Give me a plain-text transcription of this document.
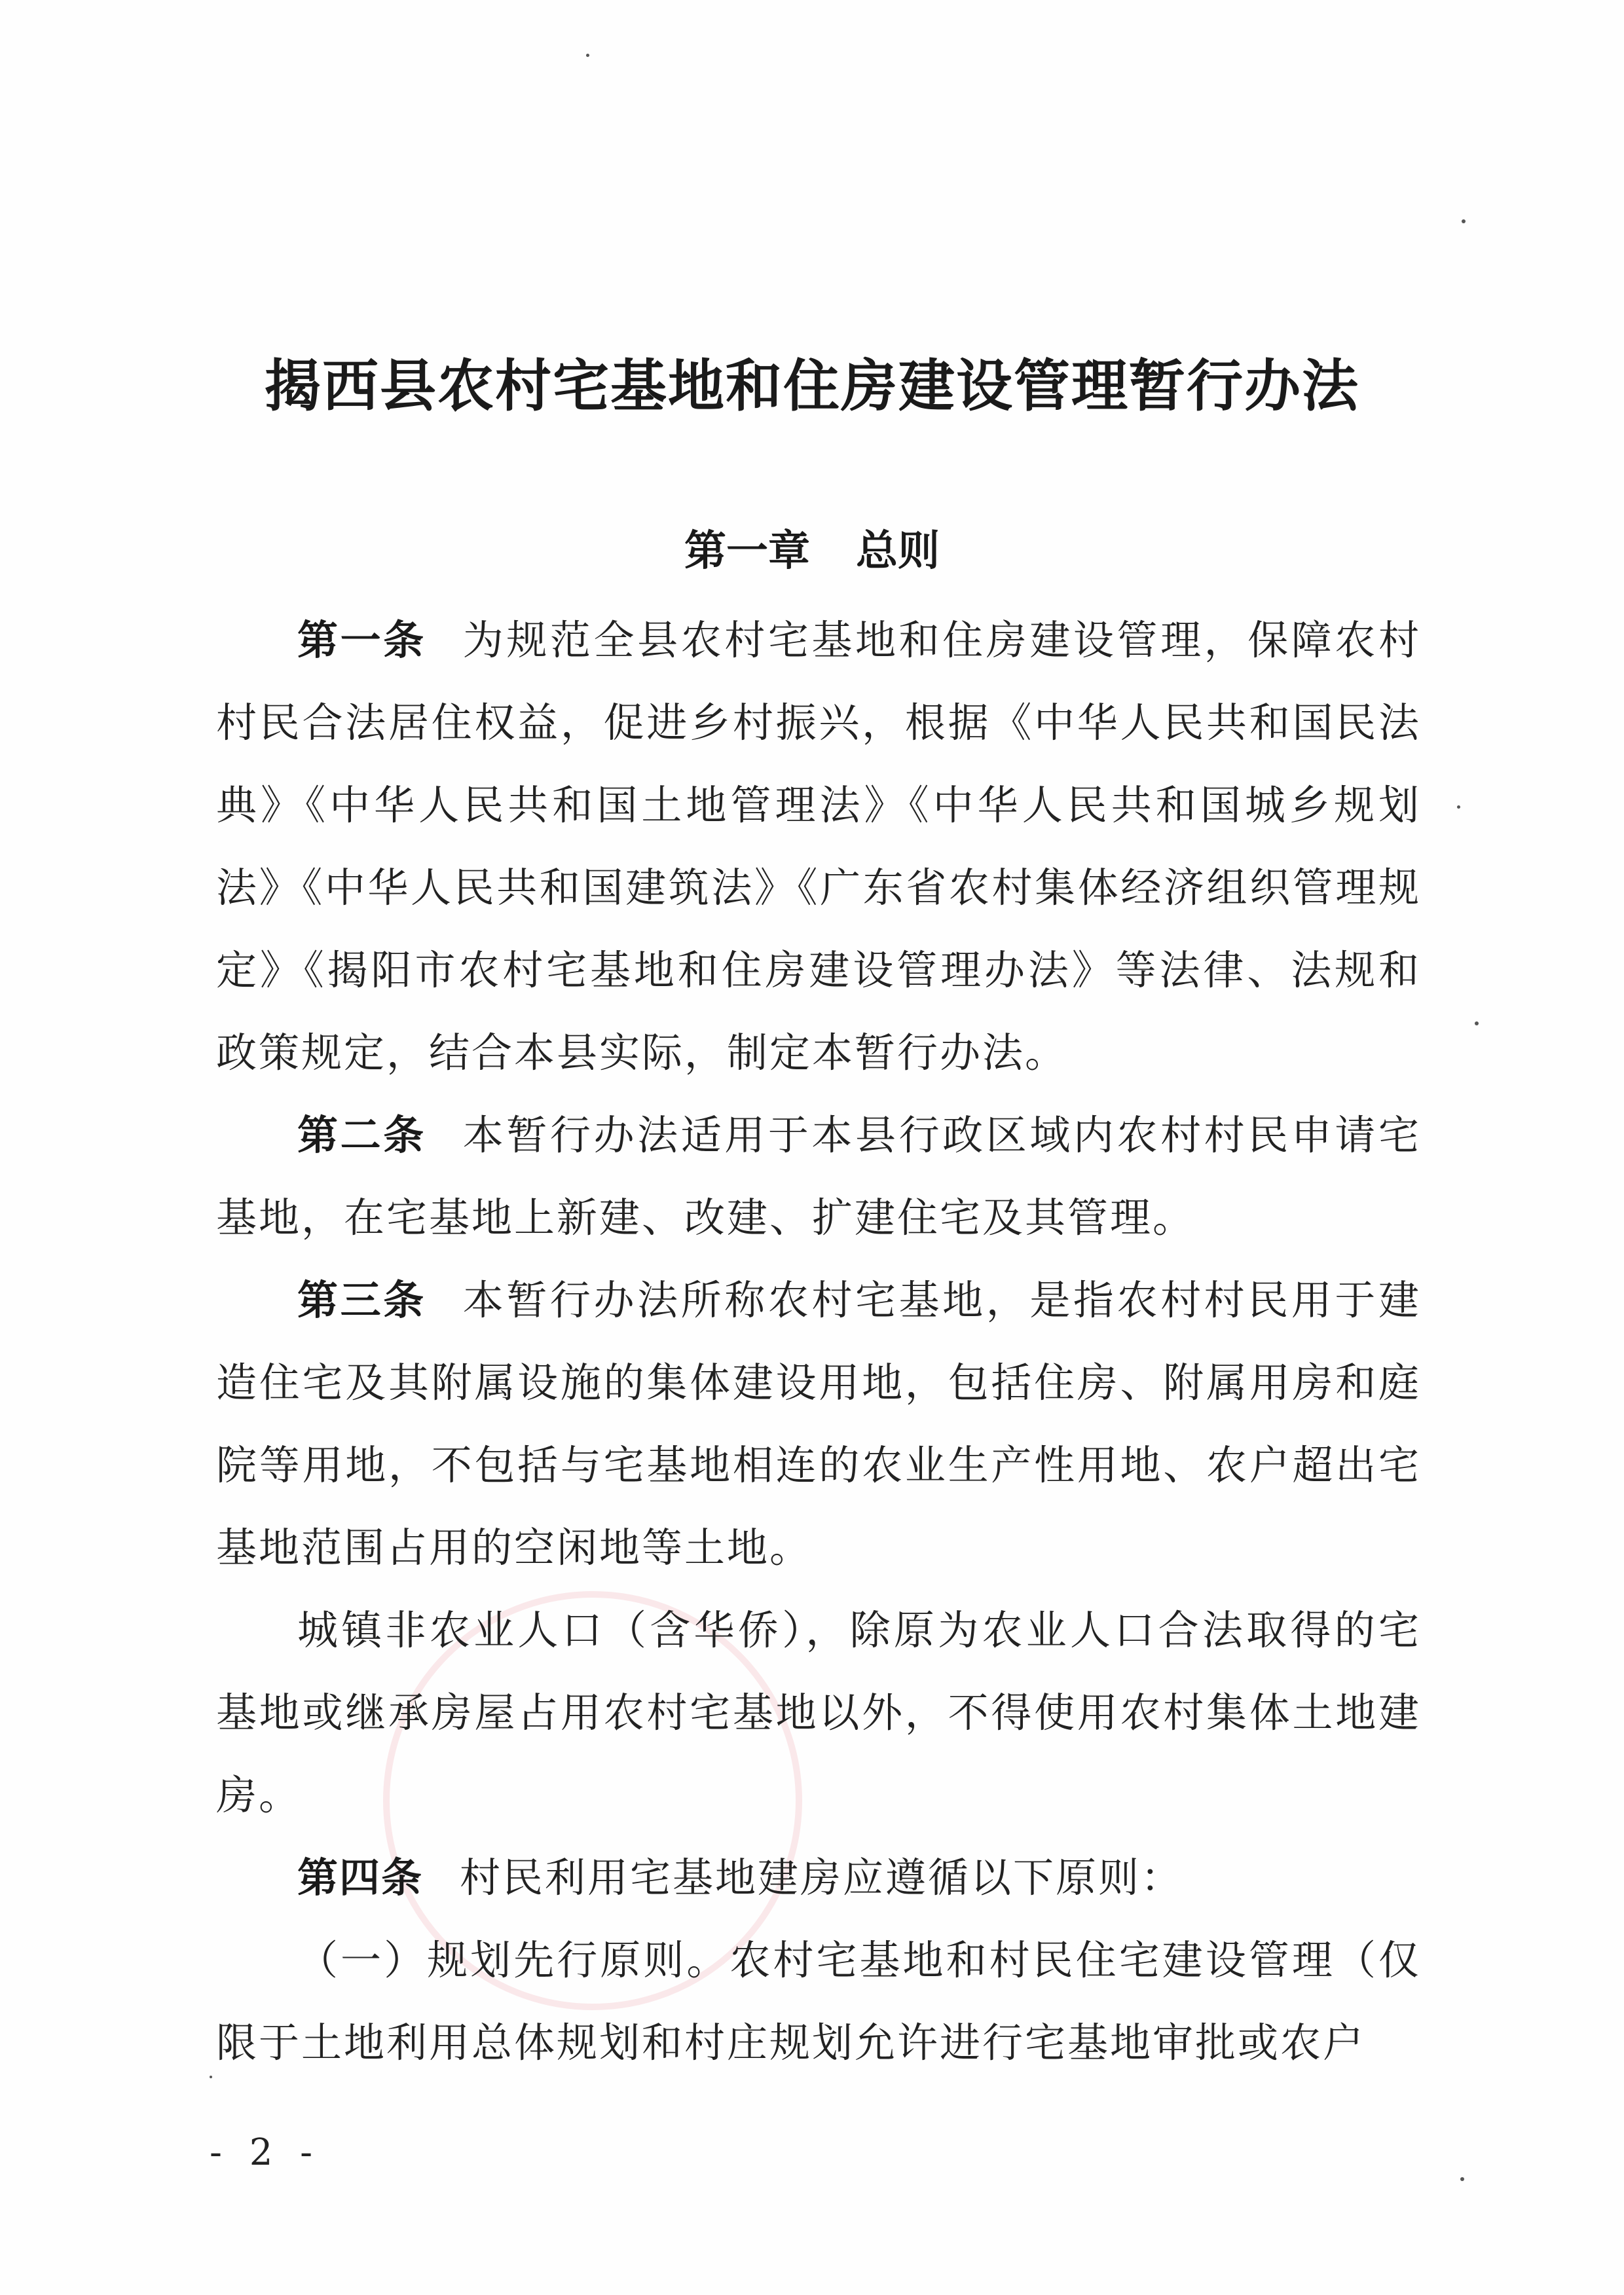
揭西县农村宅基地和住房建设管理暂行办法
第一章 总则

第一条 为规范全县农村宅基地和住房建设管理，保障农村村民合法居住权益，促进乡村振兴，根据《中华人民共和国民法典》《中华人民共和国土地管理法》《中华人民共和国城乡规划法》《中华人民共和国建筑法》《广东省农村集体经济组织管理规定》《揭阳市农村宅基地和住房建设管理办法》等法律、法规和政策规定，结合本县实际，制定本暂行办法。

第二条 本暂行办法适用于本县行政区域内农村村民申请宅基地，在宅基地上新建、改建、扩建住宅及其管理。

第三条 本暂行办法所称农村宅基地，是指农村村民用于建造住宅及其附属设施的集体建设用地，包括住房、附属用房和庭院等用地，不包括与宅基地相连的农业生产性用地、农户超出宅基地范围占用的空闲地等土地。

城镇非农业人口（含华侨），除原为农业人口合法取得的宅基地或继承房屋占用农村宅基地以外，不得使用农村集体土地建房。

第四条 村民利用宅基地建房应遵循以下原则：

（一）规划先行原则。农村宅基地和村民住宅建设管理（仅限于土地利用总体规划和村庄规划允许进行宅基地审批或农户

- 2 -
